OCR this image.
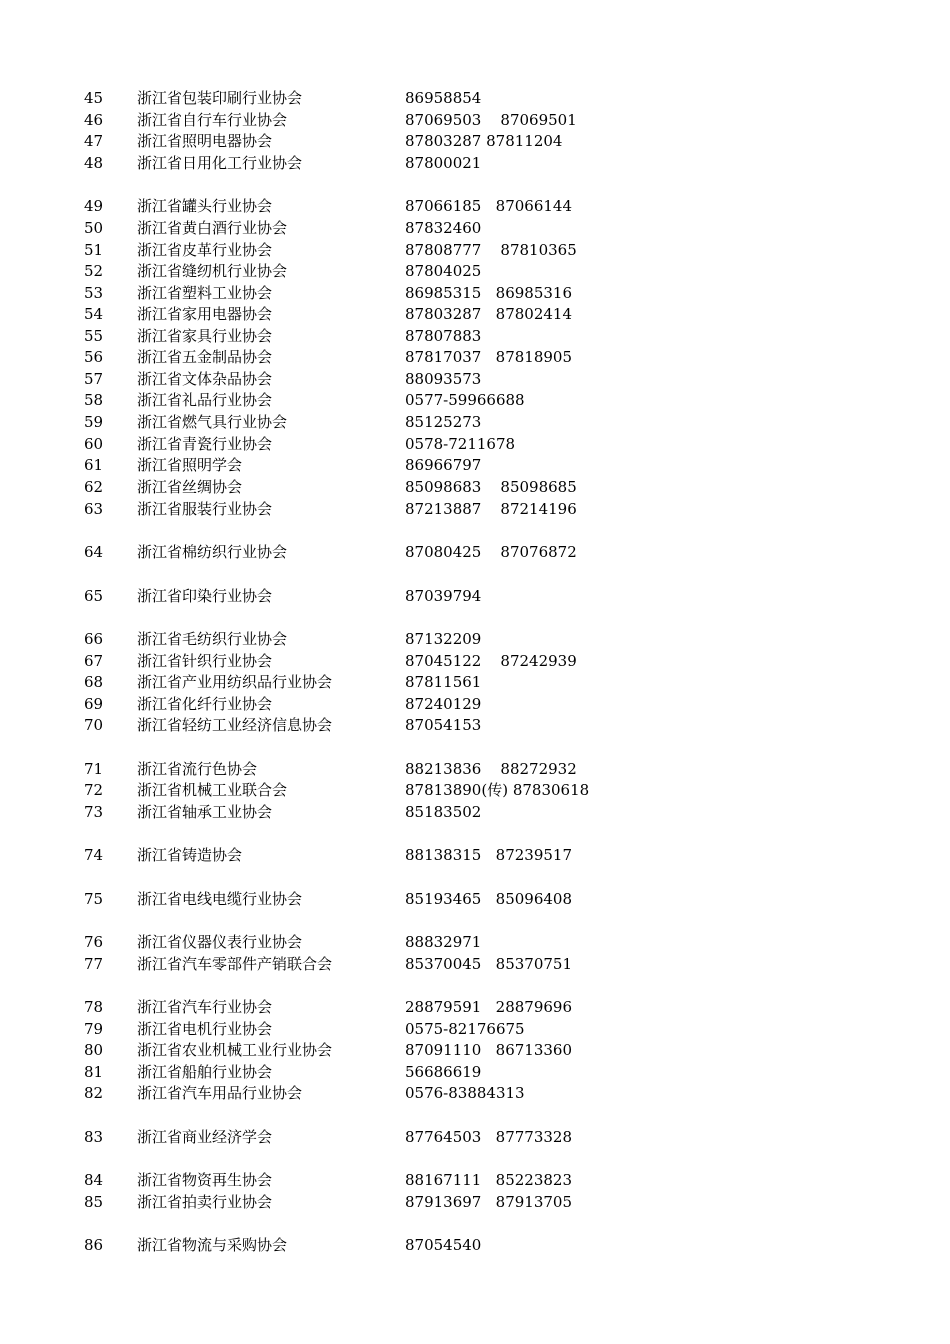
45 浙江省包装印刷行业协会	86958854
46 浙江省自行车行业协会	87069503    87069501
47 浙江省照明电器协会	87803287 87811204
48 浙江省日用化工行业协会	87800021
49 浙江省罐头行业协会	87066185   87066144
50 浙江省黄白酒行业协会	87832460
51 浙江省皮革行业协会	87808777    87810365
52 浙江省缝纫机行业协会	87804025
53 浙江省塑料工业协会	86985315   86985316
54 浙江省家用电器协会	87803287   87802414
55 浙江省家具行业协会	87807883
56 浙江省五金制品协会	87817037   87818905
57 浙江省文体杂品协会	88093573
58 浙江省礼品行业协会	0577-59966688
59 浙江省燃气具行业协会	85125273
60 浙江省青瓷行业协会	0578-7211678
61 浙江省照明学会	86966797
62 浙江省丝绸协会	85098683    85098685
63 浙江省服装行业协会	87213887    87214196
64 浙江省棉纺织行业协会	87080425    87076872
65 浙江省印染行业协会	87039794
66 浙江省毛纺织行业协会	87132209
67 浙江省针织行业协会	87045122    87242939
68 浙江省产业用纺织品行业协会	87811561
69 浙江省化纤行业协会	87240129
70 浙江省轻纺工业经济信息协会	87054153
71 浙江省流行色协会	88213836    88272932
72 浙江省机械工业联合会	87813890(传) 87830618
73 浙江省轴承工业协会	85183502
74 浙江省铸造协会	88138315   87239517
75 浙江省电线电缆行业协会	85193465   85096408
76 浙江省仪器仪表行业协会	88832971
77 浙江省汽车零部件产销联合会	85370045   85370751
78 浙江省汽车行业协会	28879591   28879696
79 浙江省电机行业协会	0575-82176675
80 浙江省农业机械工业行业协会	87091110   86713360
81 浙江省船舶行业协会	56686619
82 浙江省汽车用品行业协会	0576-83884313
83 浙江省商业经济学会	87764503   87773328
84 浙江省物资再生协会	88167111   85223823
85 浙江省拍卖行业协会	87913697   87913705
86 浙江省物流与采购协会	87054540
